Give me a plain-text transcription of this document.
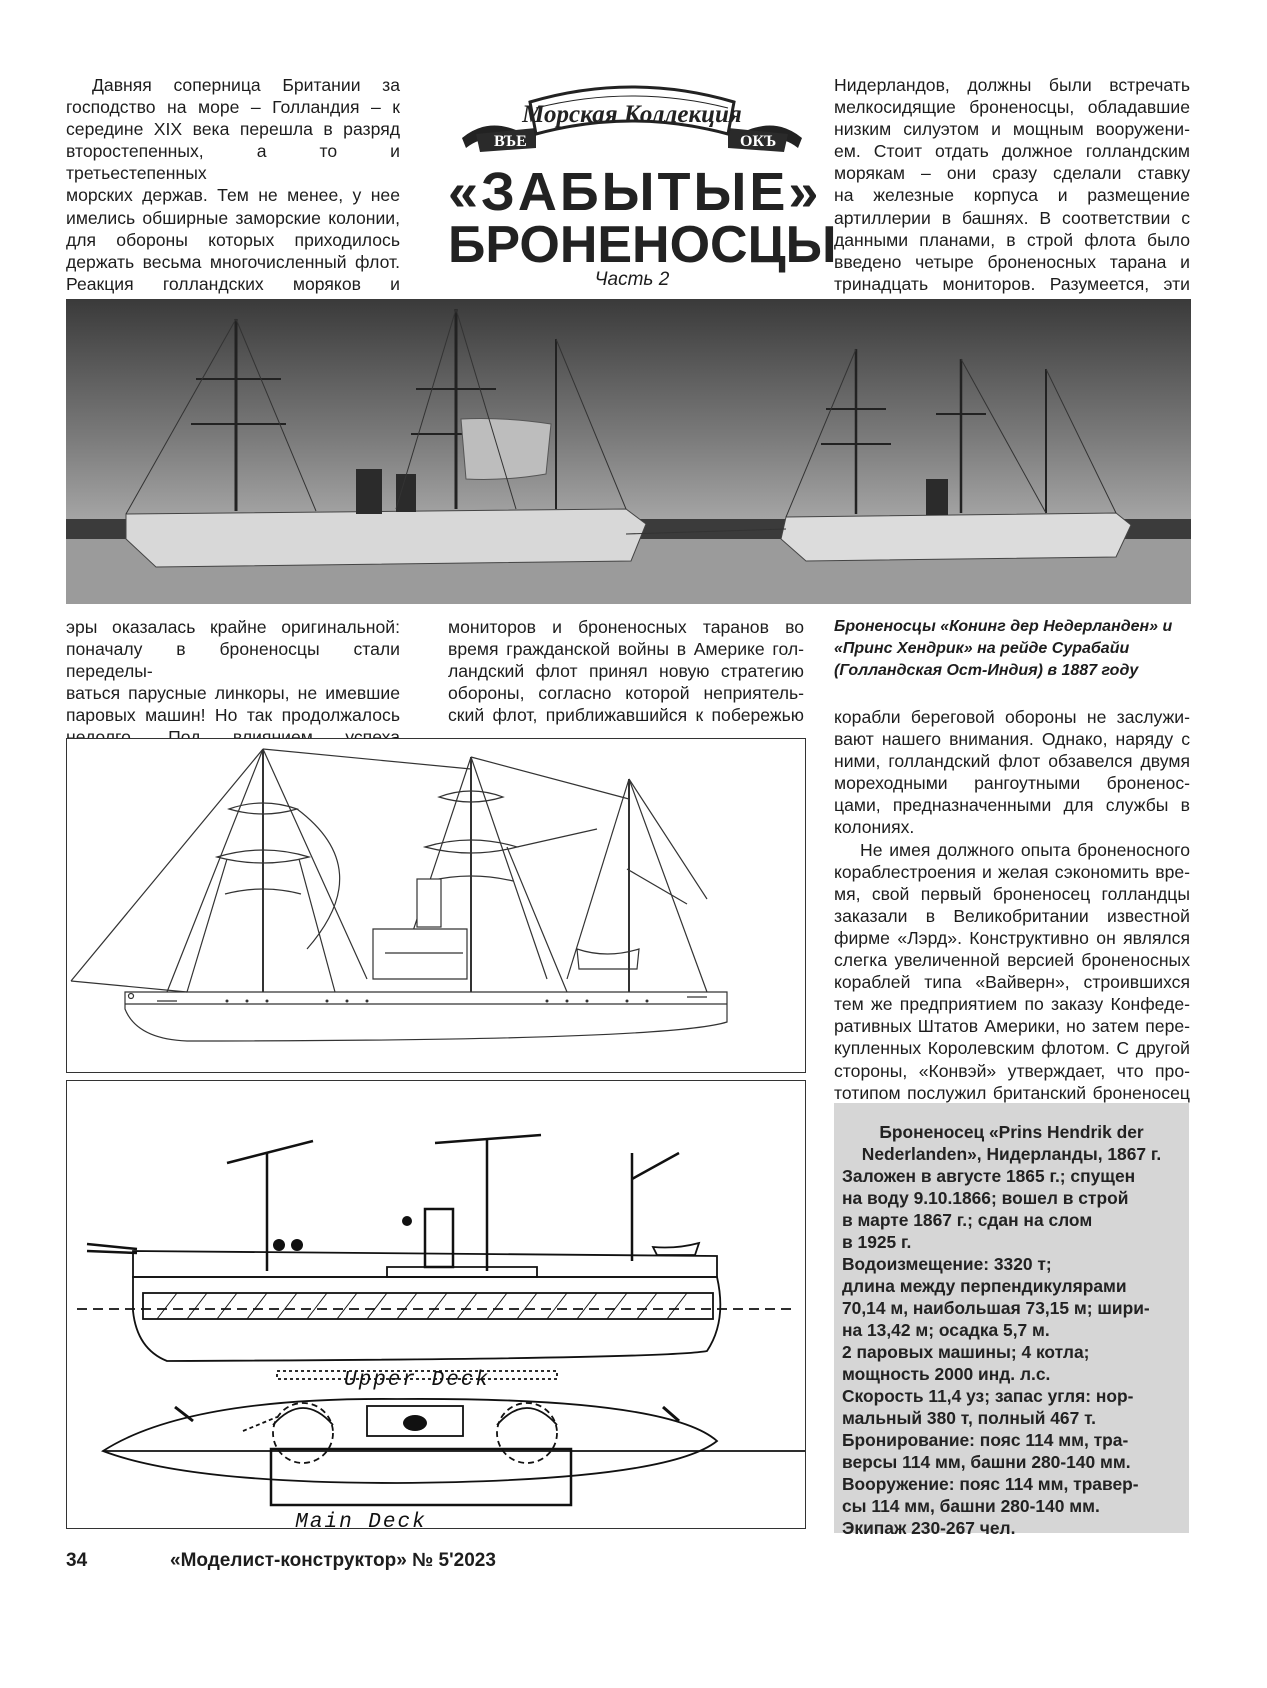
Давняя соперница Британии за

господство на море – Голландия – к

середине XIX века перешла в разряд

второстепенных, а то и третьестепенных

морских держав. Тем не менее, у нее

имелись обширные заморские колонии,

для обороны которых приходилось

держать весьма многочисленный флот.

Реакция голландских моряков и

ВЪЕ	ОКЪ
Морская Коллекция
«ЗАБЫТЫЕ»
БРОНЕНОСЦЫ
Часть 2

Нидерландов, должны были встречать

мелкосидящие броненосцы, обладавшие

низким силуэтом и мощным вооружени-

ем. Стоит отдать должное голландским

морякам – они сразу сделали ставку

на железные корпуса и размещение

артиллерии в башнях. В соответствии с

данными планами, в строй флота было

введено четыре броненосных тарана и

тринадцать мониторов. Разумеется, эти

эры оказалась крайне оригинальной:

поначалу в броненосцы стали переделы-

ваться парусные линкоры, не имевшие

паровых машин! Но так продолжалось

мониторов и броненосных таранов во

время гражданской войны в Америке гол-

ландский флот принял новую стратегию

обороны, согласно которой неприятель-

ский флот, приближавшийся к побережью

Броненосцы «Конинг дер Недерланден» и «Принс Хендрик» на рейде Сурабайи (Голландская Ост-Индия) в 1887 году

корабли береговой обороны не заслужи-

вают нашего внимания. Однако, наряду с

ними, голландский флот обзавелся двумя

мореходными рангоутными броненос-

цами, предназначенными для службы в

колониях.

Не имея должного опыта броненосного

кораблестроения и желая сэкономить вре-

мя, свой первый броненосец голландцы

заказали в Великобритании известной

фирме «Лэрд». Конструктивно он являлся

слегка увеличенной версией броненосных

кораблей типа «Вайверн», строившихся

тем же предприятием по заказу Конфеде-

ративных Штатов Америки, но затем пере-

купленных Королевским флотом. С другой

стороны, «Конвэй» утверждает, что про-

тотипом послужил британский броненосец

Upper Deck
Main Deck
Броненосец «Prins Hendrik der
Nederlanden», Нидерланды, 1867 г.
Заложен в августе 1865 г.; спущен
на воду 9.10.1866; вошел в строй
в марте 1867 г.; сдан на слом
в 1925 г.
Водоизмещение: 3320 т;
длина между перпендикулярами
70,14 м, наибольшая 73,15 м; шири-
на 13,42 м; осадка 5,7 м.
2 паровых машины; 4 котла;
мощность 2000 инд. л.с.
Скорость 11,4 уз; запас угля: нор-
мальный 380 т, полный 467 т.
Бронирование: пояс 114 мм, тра-
версы 114 мм, башни 280-140 мм.
Вооружение: пояс 114 мм, травер-
сы 114 мм, башни 280-140 мм.
Экипаж 230-267 чел.
34	«Моделист-конструктор» № 5'2023
